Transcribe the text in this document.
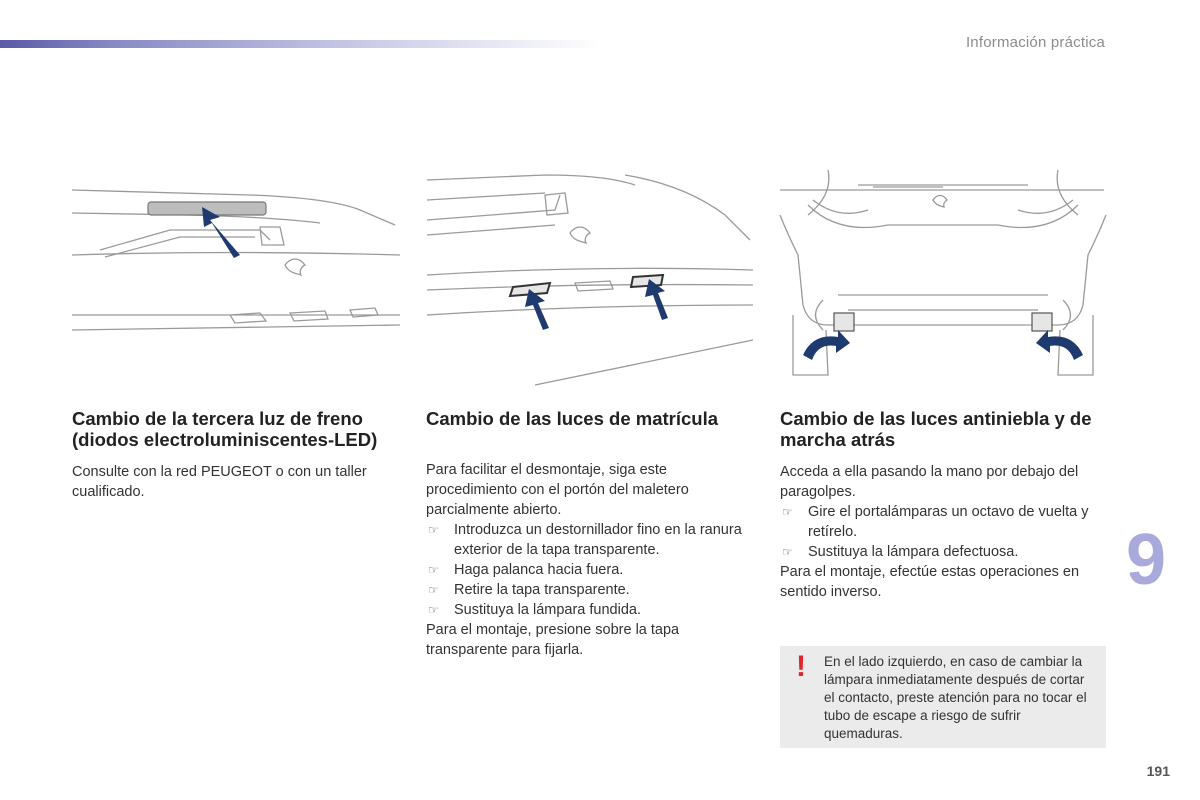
Información práctica
Cambio de la tercera luz de freno (diodos electroluminiscentes-LED)

Consulte con la red PEUGEOT o con un taller cualificado.

Cambio de las luces de matrícula

Para facilitar el desmontaje, siga este procedimiento con el portón del maletero parcialmente abierto.

☞ Introduzca un destornillador fino en la ranura exterior de la tapa transparente.
☞ Haga palanca hacia fuera.
☞ Retire la tapa transparente.
☞ Sustituya la lámpara fundida.

Para el montaje, presione sobre la tapa transparente para fijarla.

Cambio de las luces antiniebla y de marcha atrás

Acceda a ella pasando la mano por debajo del paragolpes.

☞ Gire el portalámparas un octavo de vuelta y retírelo.
☞ Sustituya la lámpara defectuosa.

Para el montaje, efectúe estas operaciones en sentido inverso.	9
! En el lado izquierdo, en caso de cambiar la lámpara inmediatamente después de cortar el contacto, preste atención para no tocar el tubo de escape a riesgo de sufrir quemaduras.
191
